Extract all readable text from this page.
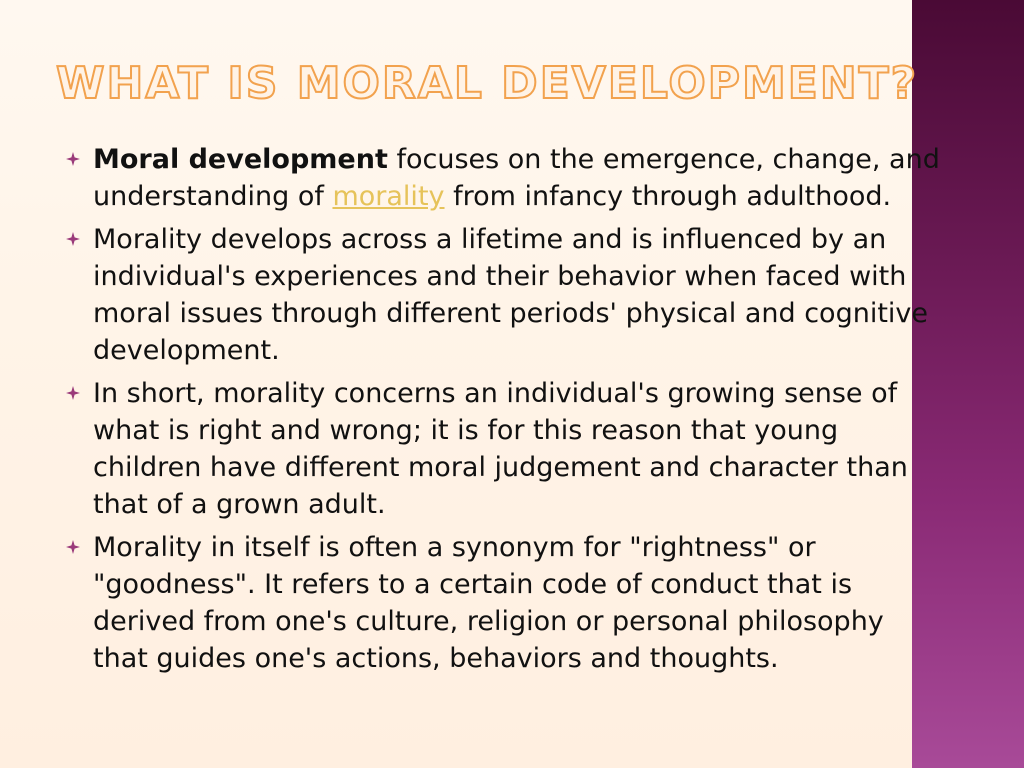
WHAT IS MORAL DEVELOPMENT?
Moral development focuses on the emergence, change, and understanding of morality from infancy through adulthood.
Morality develops across a lifetime and is influenced by an individual's experiences and their behavior when faced with moral issues through different periods' physical and cognitive development.
In short, morality concerns an individual's growing sense of what is right and wrong; it is for this reason that young children have different moral judgement and character than that of a grown adult.
Morality in itself is often a synonym for "rightness" or "goodness". It refers to a certain code of conduct that is derived from one's culture, religion or personal philosophy that guides one's actions, behaviors and thoughts.
